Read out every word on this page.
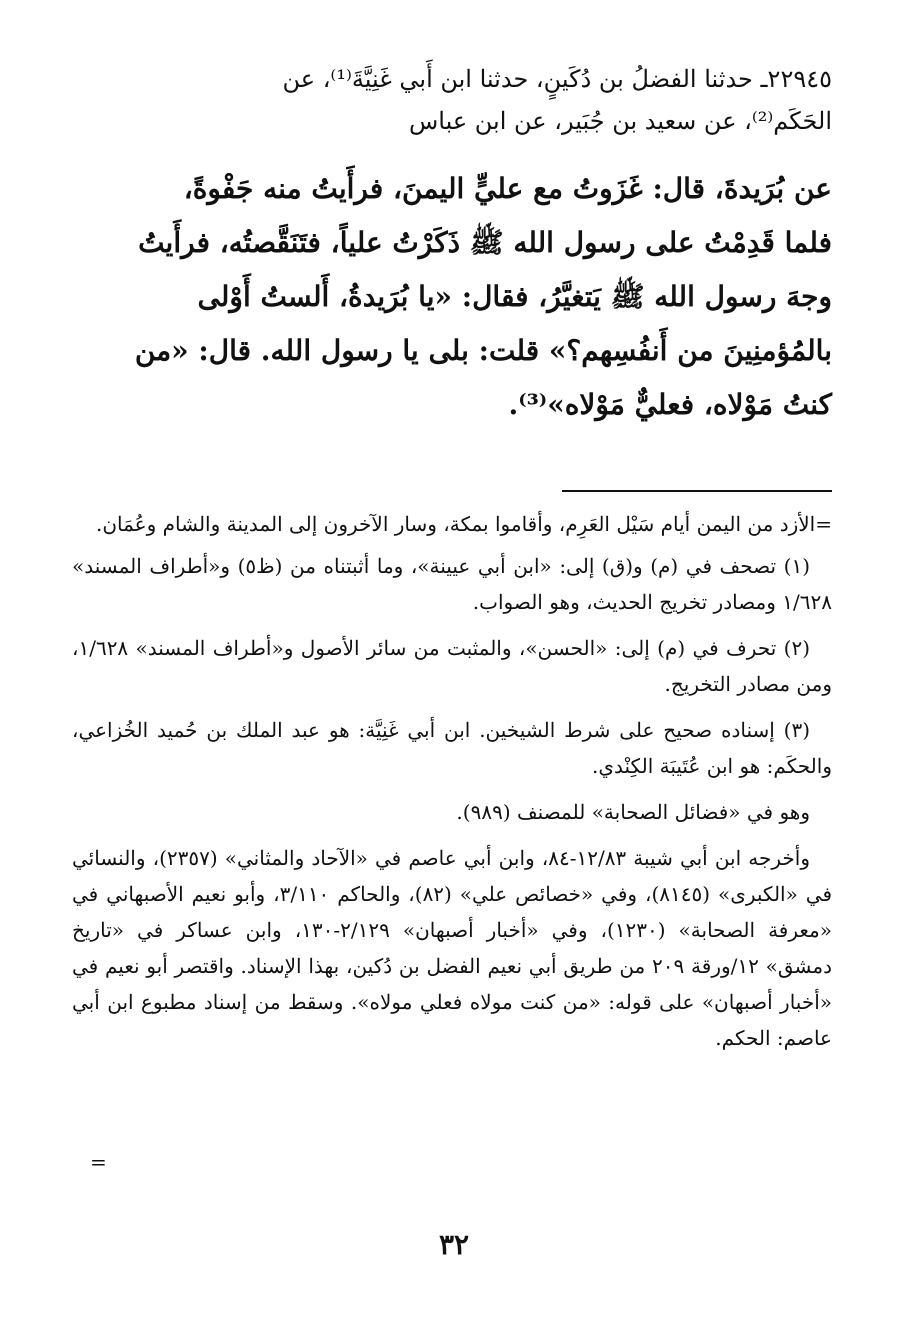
٢٢٩٤٥ـ حدثنا الفضلُ بن دُكَينٍ، حدثنا ابن أَبي غَنِيَّةَ⁽¹⁾، عن

الحَكَم⁽²⁾، عن سعيد بن جُبَير، عن ابن عباس

عن بُرَيدةَ، قال: غَزَوتُ مع عليٍّ اليمنَ، فرأَيتُ منه جَفْوةً،

فلما قَدِمْتُ على رسول الله ﷺ ذَكَرْتُ علياً، فتَنَقَّصتُه، فرأَيتُ

وجهَ رسول الله ﷺ يَتغيَّرُ، فقال: «يا بُرَيدةُ، أَلستُ أَوْلى

بالمُؤمنِينَ من أَنفُسِهم؟» قلت: بلى يا رسول الله. قال: «من

كنتُ مَوْلاه، فعليٌّ مَوْلاه»⁽³⁾.

=الأزد من اليمن أيام سَيْل العَرِم، وأقاموا بمكة، وسار الآخرون إلى المدينة والشام وعُمَان.

(١) تصحف في (م) و(ق) إلى: «ابن أبي عيينة»، وما أثبتناه من (ظ٥) و«أطراف المسند» ١/٦٢٨ ومصادر تخريج الحديث، وهو الصواب.

(٢) تحرف في (م) إلى: «الحسن»، والمثبت من سائر الأصول و«أطراف المسند» ١/٦٢٨، ومن مصادر التخريج.

(٣) إسناده صحيح على شرط الشيخين. ابن أبي غَنِيَّة: هو عبد الملك بن حُميد الخُزاعي، والحكَم: هو ابن عُتَيبَة الكِنْدي.

وهو في «فضائل الصحابة» للمصنف (٩٨٩).

وأخرجه ابن أبي شيبة ١٢/٨٣-٨٤، وابن أبي عاصم في «الآحاد والمثاني» (٢٣٥٧)، والنسائي في «الكبرى» (٨١٤٥)، وفي «خصائص علي» (٨٢)، والحاكم ٣/١١٠، وأبو نعيم الأصبهاني في «معرفة الصحابة» (١٢٣٠)، وفي «أخبار أصبهان» ٢/١٢٩-١٣٠، وابن عساكر في «تاريخ دمشق» ١٢/ورقة ٢٠٩ من طريق أبي نعيم الفضل بن دُكين، بهذا الإسناد. واقتصر أبو نعيم في «أخبار أصبهان» على قوله: «من كنت مولاه فعلي مولاه». وسقط من إسناد مطبوع ابن أبي عاصم: الحكم.

=
٣٢
